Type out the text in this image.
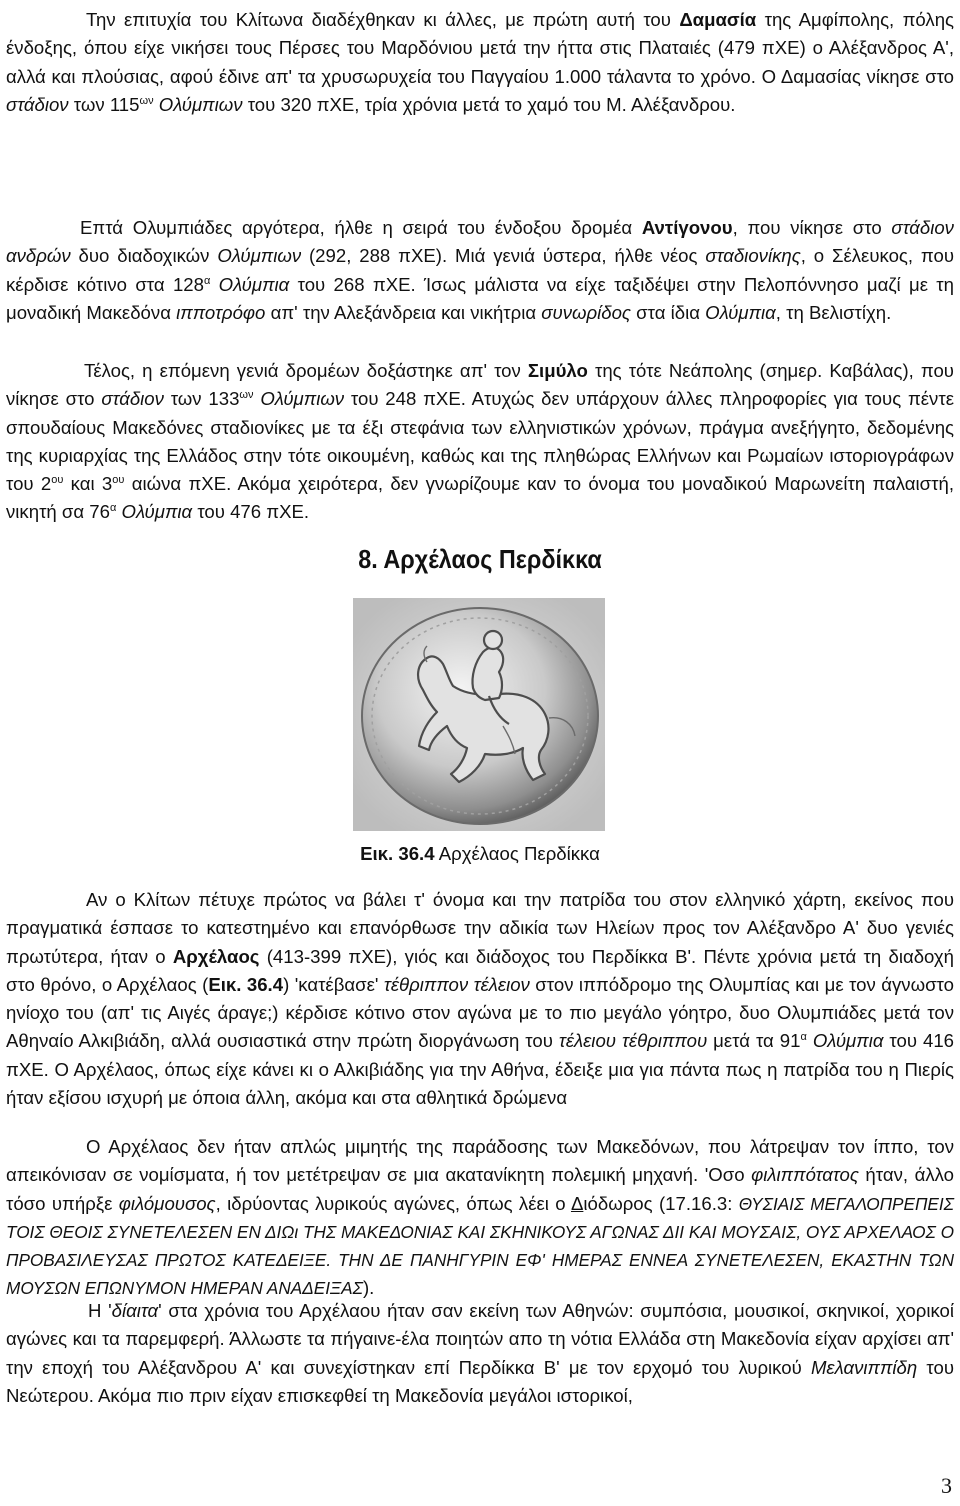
Την επιτυχία του Κλίτωνα διαδέχθηκαν κι άλλες, με πρώτη αυτή του Δαμασία της Αμφίπολης, πόλης ένδοξης, όπου είχε νικήσει τους Πέρσες του Μαρδόνιου μετά την ήττα στις Πλαταιές (479 πΧΕ) ο Αλέξανδρος Α', αλλά και πλούσιας, αφού έδινε απ' τα χρυσωρυχεία του Παγγαίου 1.000 τάλαντα το χρόνο. Ο Δαμασίας νίκησε στο στάδιον των $115^{\omega\nu}$ Ολύμπιων του 320 πΧΕ, τρία χρόνια μετά το χαμό του Μ. Αλέξανδρου.

Επτά Ολυμπιάδες αργότερα, ήλθε η σειρά του ένδοξου δρομέα Αντίγονου, που νίκησε στο στάδιον ανδρών δυο διαδοχικών Ολύμπιων (292, 288 πΧΕ). Μιά γενιά ύστερα, ήλθε νέος σταδιονίκης, ο Σέλευκος, που κέρδισε κότινο στα $128^\alpha$ Ολύμπια του 268 πΧΕ. Ίσως μάλιστα να είχε ταξιδέψει στην Πελοπόννησο μαζί με τη μοναδική Μακεδόνα ιπποτρόφο απ' την Αλεξάνδρεια και νικήτρια συνωρίδος στα ίδια Ολύμπια, τη Βελιστίχη.

Τέλος, η επόμενη γενιά δρομέων δοξάστηκε απ' τον Σιμύλο της τότε Νεάπολης (σημερ. Καβάλας), που νίκησε στο στάδιον των $133^{\omega\nu}$ Ολύμπιων του 248 πΧΕ. Ατυχώς δεν υπάρχουν άλλες πληροφορίες για τους πέντε σπουδαίους Μακεδόνες σταδιονίκες με τα έξι στεφάνια των ελληνιστικών χρόνων, πράγμα ανεξήγητο, δεδομένης της κυριαρχίας της Ελλάδος στην τότε οικουμένη, καθώς και της πληθώρας Ελλήνων και Ρωμαίων ιστοριογράφων του $2^{o\upsilon}$ και $3^{o\upsilon}$ αιώνα πΧΕ. Ακόμα χειρότερα, δεν γνωρίζουμε καν το όνομα του μοναδικού Μαρωνείτη παλαιστή, νικητή σα $76^\alpha$ Ολύμπια του 476 πΧΕ.

8. Αρχέλαος Περδίκκα
Εικ. 36.4 Αρχέλαος Περδίκκα

Αν ο Κλίτων πέτυχε πρώτος να βάλει τ' όνομα και την πατρίδα του στον ελληνικό χάρτη, εκείνος που πραγματικά έσπασε το κατεστημένο και επανόρθωσε την αδικία των Ηλείων προς τον Αλέξανδρο Α' δυο γενιές πρωτύτερα, ήταν ο Αρχέλαος (413-399 πΧΕ), γιός και διάδοχος του Περδίκκα Β'. Πέντε χρόνια μετά τη διαδοχή στο θρόνο, ο Αρχέλαος (Εικ. 36.4) 'κατέβασε' τέθριππον τέλειον στον ιππόδρομο της Ολυμπίας και με τον άγνωστο ηνίοχο του (απ' τις Αιγές άραγε;) κέρδισε κότινο στον αγώνα με το πιο μεγάλο γόητρο, δυο Ολυμπιάδες μετά τον Αθηναίο Αλκιβιάδη, αλλά ουσιαστικά στην πρώτη διοργάνωση του τέλειου τέθριππου μετά τα $91^\alpha$ Ολύμπια του 416 πΧΕ. Ο Αρχέλαος, όπως είχε κάνει κι ο Αλκιβιάδης για την Αθήνα, έδειξε μια για πάντα πως η πατρίδα του η Πιερίς ήταν εξίσου ισχυρή με όποια άλλη, ακόμα και στα αθλητικά δρώμενα

Ο Αρχέλαος δεν ήταν απλώς μιμητής της παράδοσης των Μακεδόνων, που λάτρεψαν τον ίππο, τον απεικόνισαν σε νομίσματα, ή τον μετέτρεψαν σε μια ακατανίκητη πολεμική μηχανή. 'Οσο φιλιππότατος ήταν, άλλο τόσο υπήρξε φιλόμουσος, ιδρύοντας λυρικούς αγώνες, όπως λέει ο Διόδωρος (17.16.3: ΘΥΣΙΑΙΣ ΜΕΓΑΛΟΠΡΕΠΕΙΣ ΤΟΙΣ ΘΕΟΙΣ ΣΥΝΕΤΕΛΕΣΕΝ ΕΝ ΔΙΩι ΤΗΣ ΜΑΚΕΔΟΝΙΑΣ ΚΑΙ ΣΚΗΝΙΚΟΥΣ ΑΓΩΝΑΣ ΔΙΙ ΚΑΙ ΜΟΥΣΑΙΣ, ΟΥΣ ΑΡΧΕΛΑΟΣ Ο ΠΡΟΒΑΣΙΛΕΥΣΑΣ ΠΡΩΤΟΣ ΚΑΤΕΔΕΙΞΕ. ΤΗΝ ΔΕ ΠΑΝΗΓΥΡΙΝ ΕΦ' ΗΜΕΡΑΣ ΕΝΝΕΑ ΣΥΝΕΤΕΛΕΣΕΝ, ΕΚΑΣΤΗΝ ΤΩΝ ΜΟΥΣΩΝ ΕΠΩΝΥΜΟΝ ΗΜΕΡΑΝ ΑΝΑΔΕΙΞΑΣ).

Η 'δίαιτα' στα χρόνια του Αρχέλαου ήταν σαν εκείνη των Αθηνών: συμπόσια, μουσικοί, σκηνικοί, χορικοί αγώνες και τα παρεμφερή. Άλλωστε τα πήγαινε-έλα ποιητών απο τη νότια Ελλάδα στη Μακεδονία είχαν αρχίσει απ' την εποχή του Αλέξανδρου Α' και συνεχίστηκαν επί Περδίκκα Β' με τον ερχομό του λυρικού Μελανιππίδη του Νεώτερου. Ακόμα πιο πριν είχαν επισκεφθεί τη Μακεδονία μεγάλοι ιστορικοί,

3
